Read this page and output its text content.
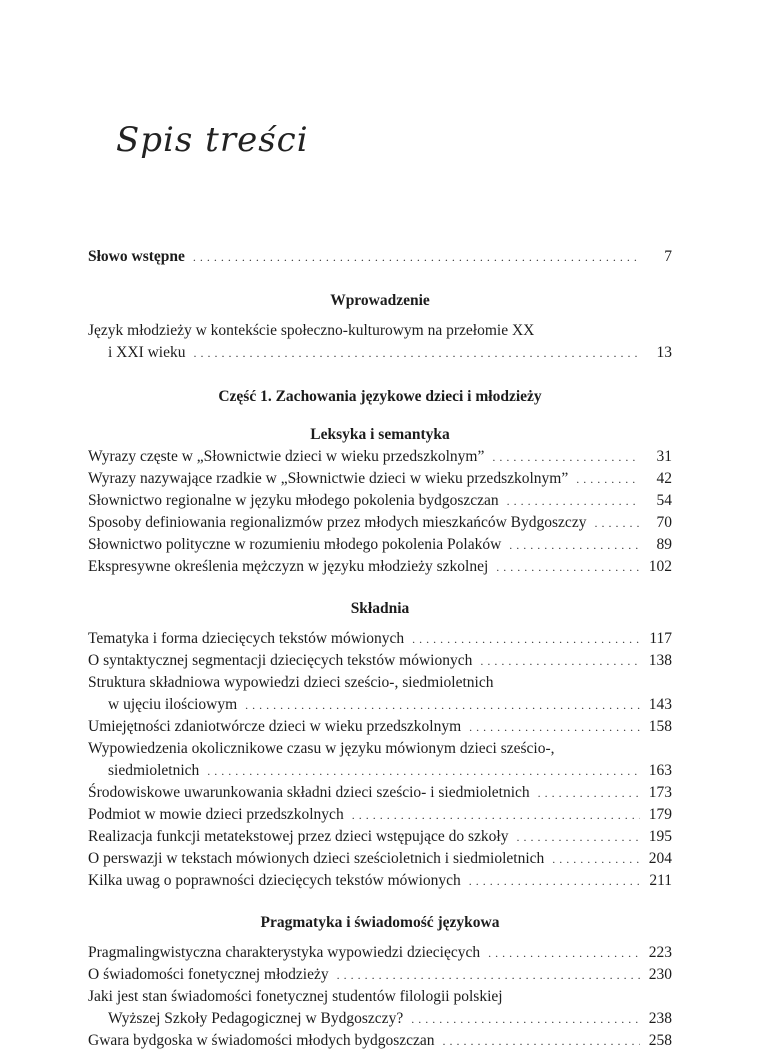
Spis treści
Słowo wstępne . . .	7
Wprowadzenie
Język młodzieży w kontekście społeczno-kulturowym na przełomie XX
i XXI wieku . . .	13
Część 1. Zachowania językowe dzieci i młodzieży
Leksyka i semantyka
Wyrazy częste w „Słownictwie dzieci w wieku przedszkolnym” . . .	31
Wyrazy nazywające rzadkie w „Słownictwie dzieci w wieku przedszkolnym” . . .	42
Słownictwo regionalne w języku młodego pokolenia bydgoszczan . . .	54
Sposoby definiowania regionalizmów przez młodych mieszkańców Bydgoszczy . . .	70
Słownictwo polityczne w rozumieniu młodego pokolenia Polaków . . .	89
Ekspresywne określenia mężczyzn w języku młodzieży szkolnej . . .	102
Składnia
Tematyka i forma dziecięcych tekstów mówionych . . .	117
O syntaktycznej segmentacji dziecięcych tekstów mówionych . . .	138
Struktura składniowa wypowiedzi dzieci sześcio-, siedmioletnich
w ujęciu ilościowym . . .	143
Umiejętności zdaniotwórcze dzieci w wieku przedszkolnym . . .	158
Wypowiedzenia okolicznikowe czasu w języku mówionym dzieci sześcio-,
siedmioletnich . . .	163
Środowiskowe uwarunkowania składni dzieci sześcio- i siedmioletnich . . .	173
Podmiot w mowie dzieci przedszkolnych . . .	179
Realizacja funkcji metatekstowej przez dzieci wstępujące do szkoły . . .	195
O perswazji w tekstach mówionych dzieci sześcioletnich i siedmioletnich . . .	204
Kilka uwag o poprawności dziecięcych tekstów mówionych . . .	211
Pragmatyka i świadomość językowa
Pragmalingwistyczna charakterystyka wypowiedzi dziecięcych . . .	223
O świadomości fonetycznej młodzieży . . .	230
Jaki jest stan świadomości fonetycznej studentów filologii polskiej
Wyższej Szkoły Pedagogicznej w Bydgoszczy? . . .	238
Gwara bydgoska w świadomości młodych bydgoszczan . . .	258
